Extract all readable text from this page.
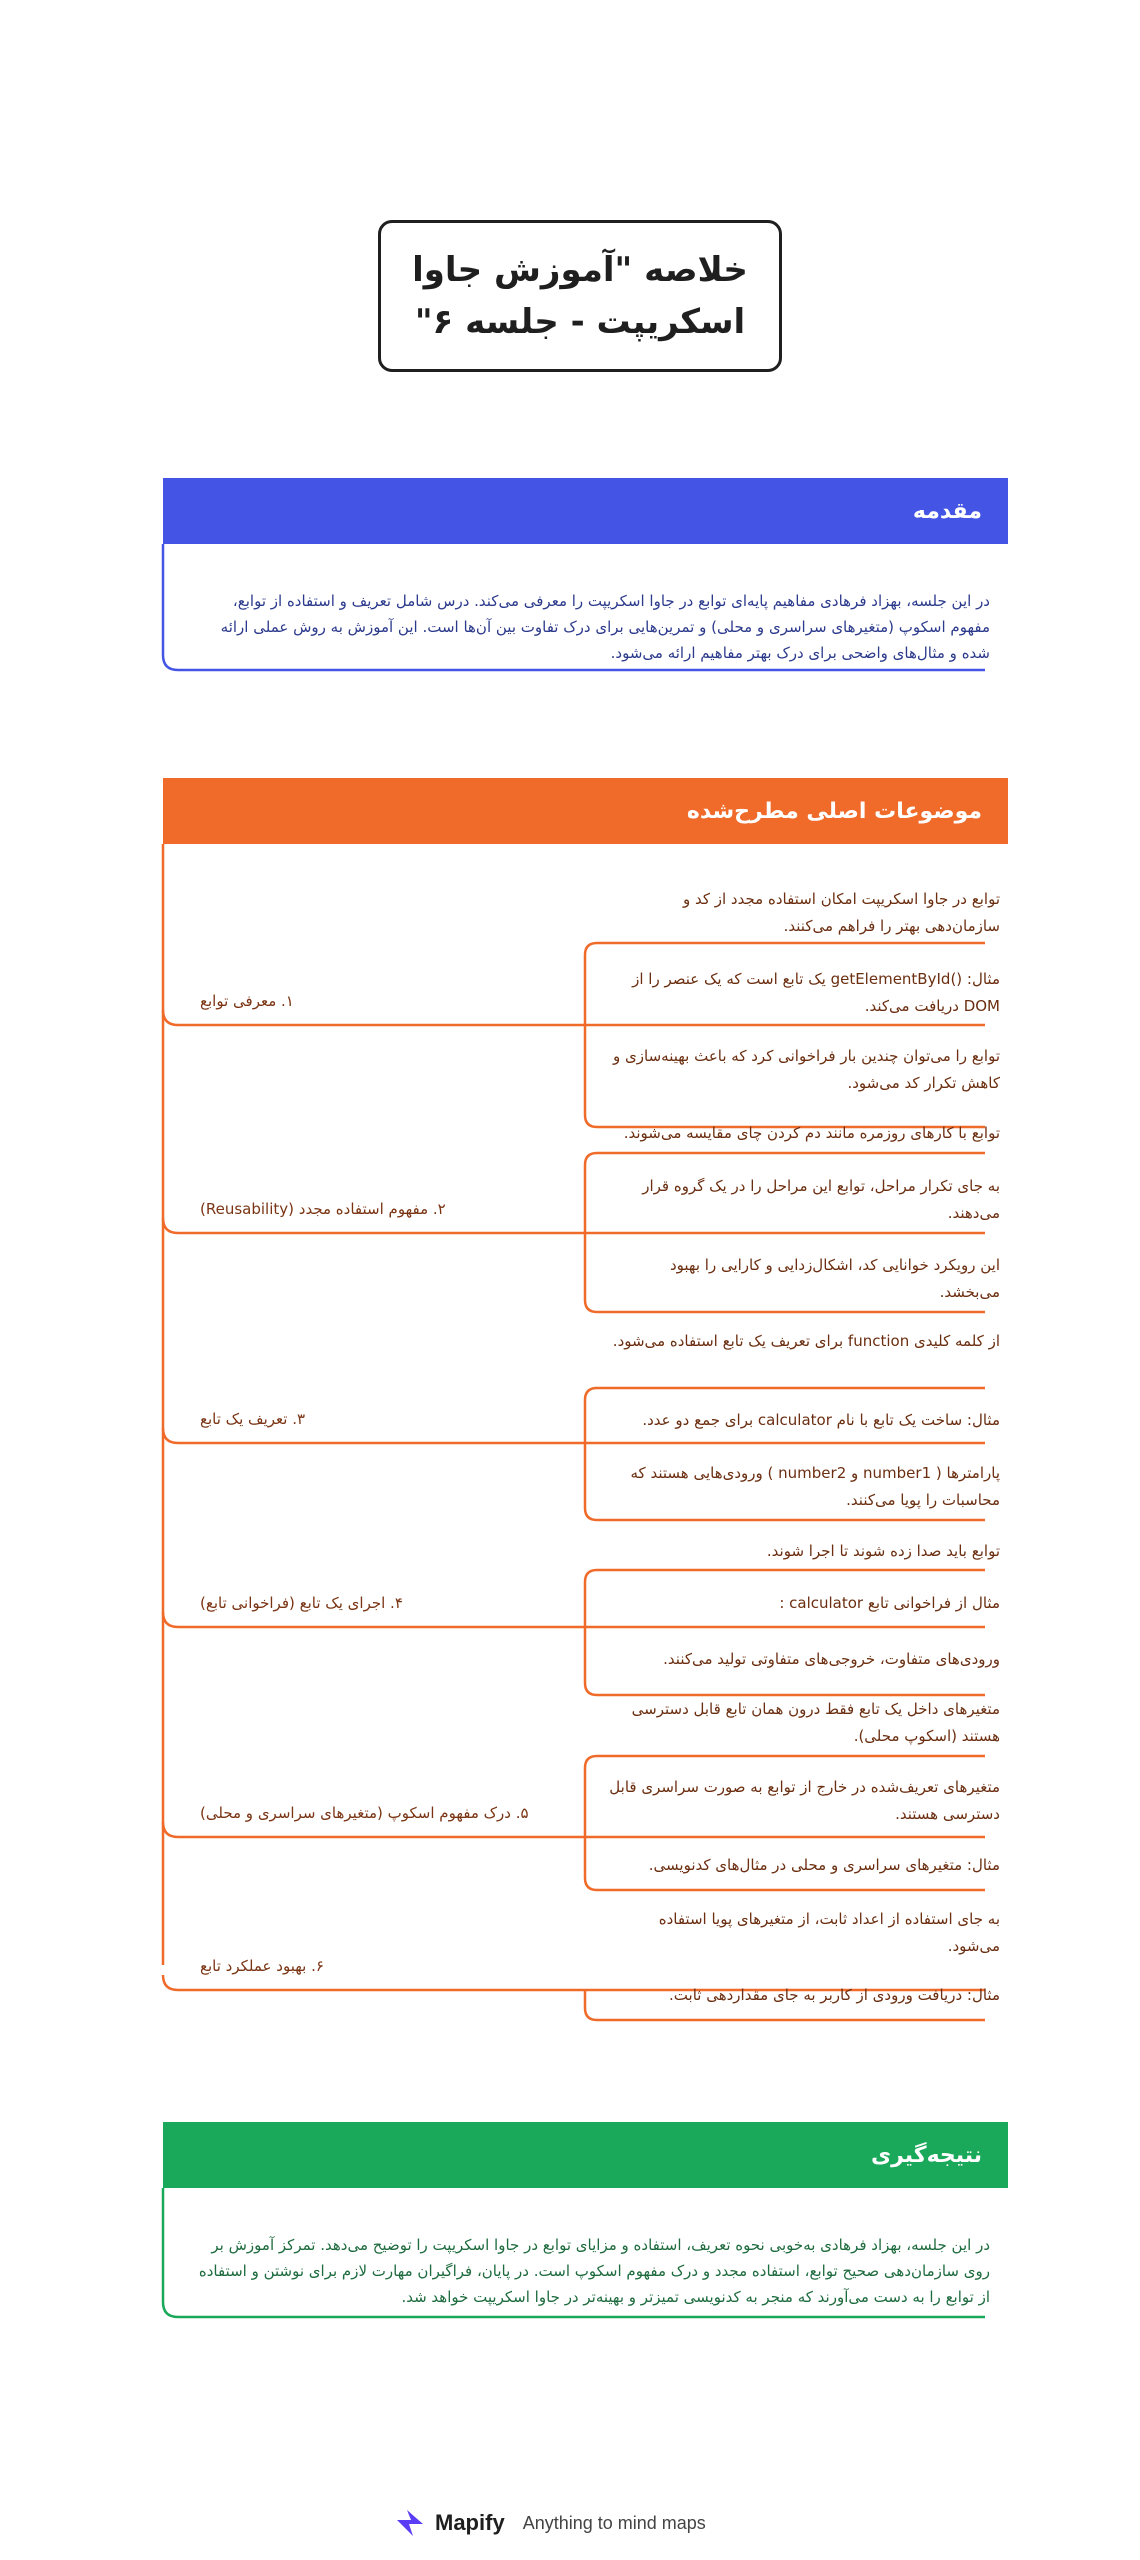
خلاصه "آموزش جاوا اسکریپت - جلسه ۶"
مقدمه
در این جلسه، بهزاد فرهادی مفاهیم پایه‌ای توابع در جاوا اسکریپت را معرفی می‌کند. درس شامل تعریف و استفاده از توابع، مفهوم اسکوپ (متغیرهای سراسری و محلی) و تمرین‌هایی برای درک تفاوت بین آن‌ها است. این آموزش به روش عملی ارائه شده و مثال‌های واضحی برای درک بهتر مفاهیم ارائه می‌شود.
موضوعات اصلی مطرح‌شده
۱. معرفی توابع
۲. مفهوم استفاده مجدد (Reusability)
۳. تعریف یک تابع
۴. اجرای یک تابع (فراخوانی تابع)
۵. درک مفهوم اسکوپ (متغیرهای سراسری و محلی)
۶. بهبود عملکرد تابع
توابع در جاوا اسکریپت امکان استفاده مجدد از کد و سازمان‌دهی بهتر را فراهم می‌کنند.
مثال: ()getElementById یک تابع است که یک عنصر را از DOM دریافت می‌کند.
توابع را می‌توان چندین بار فراخوانی کرد که باعث بهینه‌سازی و کاهش تکرار کد می‌شود.
توابع با کارهای روزمره مانند دم کردن چای مقایسه می‌شوند.
به جای تکرار مراحل، توابع این مراحل را در یک گروه قرار می‌دهند.
این رویکرد خوانایی کد، اشکال‌زدایی و کارایی را بهبود می‌بخشد.
از کلمه کلیدی function برای تعریف یک تابع استفاده می‌شود.
مثال: ساخت یک تابع با نام calculator برای جمع دو عدد.
پارامترها ( number1 و number2 ) ورودی‌هایی هستند که محاسبات را پویا می‌کنند.
توابع باید صدا زده شوند تا اجرا شوند.
مثال از فراخوانی تابع calculator :
ورودی‌های متفاوت، خروجی‌های متفاوتی تولید می‌کنند.
متغیرهای داخل یک تابع فقط درون همان تابع قابل دسترسی هستند (اسکوپ محلی).
متغیرهای تعریف‌شده در خارج از توابع به صورت سراسری قابل دسترسی هستند.
مثال: متغیرهای سراسری و محلی در مثال‌های کدنویسی.
به جای استفاده از اعداد ثابت، از متغیرهای پویا استفاده می‌شود.
مثال: دریافت ورودی از کاربر به جای مقداردهی ثابت.
نتیجه‌گیری
در این جلسه، بهزاد فرهادی به‌خوبی نحوه تعریف، استفاده و مزایای توابع در جاوا اسکریپت را توضیح می‌دهد. تمرکز آموزش بر روی سازمان‌دهی صحیح توابع، استفاده مجدد و درک مفهوم اسکوپ است. در پایان، فراگیران مهارت لازم برای نوشتن و استفاده از توابع را به دست می‌آورند که منجر به کدنویسی تمیزتر و بهینه‌تر در جاوا اسکریپت خواهد شد.
Mapify Anything to mind maps
